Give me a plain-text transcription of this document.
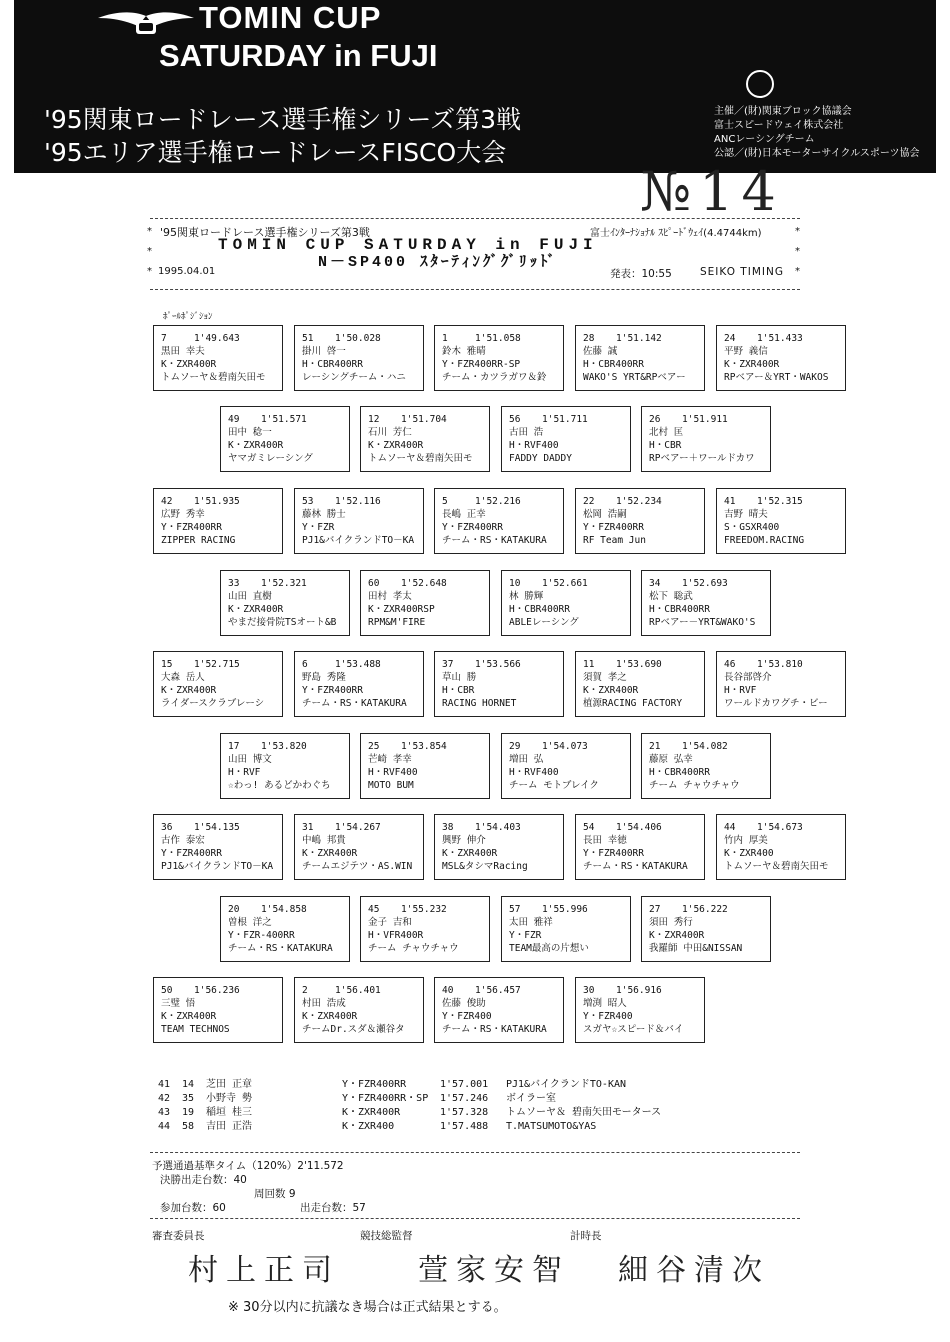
TOMIN CUP
SATURDAY in FUJI
'95関東ロードレース選手権シリーズ第3戦
'95エリア選手権ロードレースFISCO大会
主催／(財)関東ブロック協議会
富士スピードウェイ株式会社
ANCレーシングチーム
公認／(財)日本モーターサイクルスポーツ協会
№14
*
*
*
*
*
*
'95関東ロードレース選手権シリーズ第3戦	富士ｲﾝﾀｰﾅｼｮﾅﾙ ｽﾋﾟｰﾄﾞｳｪｲ(4.4744km)
TOMIN CUP SATURDAY in FUJI
N－SP400 ｽﾀｰﾃｨﾝｸﾞｸﾞﾘｯﾄﾞ
1995.04.01	発表：10:55	SEIKO TIMING
ﾎﾟｰﾙﾎﾟｼﾞｼｮﾝ
7	1'49.643
黒田 幸夫
K・ZXR400R
トムソーヤ＆碧南矢田モ
51	1'50.028
掛川 啓一
H・CBR400RR
レーシングチーム・ハニ
1	1'51.058
鈴木 雅晴
Y・FZR400RR-SP
チーム・カツラガワ＆鈴
28	1'51.142
佐藤 誠
H・CBR400RR
WAKO'S YRT&RPベアー
24	1'51.433
平野 義信
K・ZXR400R
RPベアー＆YRT・WAKOS
49	1'51.571
田中 稔一
K・ZXR400R
ヤマガミレーシング
12	1'51.704
石川 芳仁
K・ZXR400R
トムソーヤ＆碧南矢田モ
56	1'51.711
古田 浩
H・RVF400
FADDY DADDY
26	1'51.911
北村 匡
H・CBR
RPベアー＋ワールドカワ
42	1'51.935
広野 秀幸
Y・FZR400RR
ZIPPER RACING
53	1'52.116
藤林 勝士
Y・FZR
PJ1&バイクランドTO－KA
5	1'52.216
長嶋 正幸
Y・FZR400RR
チーム・RS・KATAKURA
22	1'52.234
松岡 浩嗣
Y・FZR400RR
RF Team Jun
41	1'52.315
吉野 晴夫
S・GSXR400
FREEDOM.RACING
33	1'52.321
山田 直樹
K・ZXR400R
やまだ接骨院TSオート&B
60	1'52.648
田村 孝太
K・ZXR400RSP
RPM&M'FIRE
10	1'52.661
林 勝輝
H・CBR400RR
ABLEレーシング
34	1'52.693
松下 聡武
H・CBR400RR
RPベアー－YRT&WAKO'S
15	1'52.715
大森 岳人
K・ZXR400R
ライダースクラブレーシ
6	1'53.488
野島 秀隆
Y・FZR400RR
チーム・RS・KATAKURA
37	1'53.566
草山 勝
H・CBR
RACING HORNET
11	1'53.690
須賀 孝之
K・ZXR400R
植源RACING FACTORY
46	1'53.810
長谷部啓介
H・RVF
ワールドカワグチ・ビー
17	1'53.820
山田 博文
H・RVF
☆わっ! あるどかわぐち
25	1'53.854
芒崎 孝幸
H・RVF400
MOTO BUM
29	1'54.073
増田 弘
H・RVF400
チーム モトブレイク
21	1'54.082
藤原 弘幸
H・CBR400RR
チーム チャウチャウ
36	1'54.135
古作 泰宏
Y・FZR400RR
PJ1&バイクランドTO－KA
31	1'54.267
中嶋 邦貴
K・ZXR400R
チームエジテツ・AS.WIN
38	1'54.403
興野 伸介
K・ZXR400R
MSL&タシマRacing
54	1'54.406
長田 幸徳
Y・FZR400RR
チーム・RS・KATAKURA
44	1'54.673
竹内 厚美
K・ZXR400
トムソーヤ＆碧南矢田モ
20	1'54.858
曽根 洋之
Y・FZR-400RR
チーム・RS・KATAKURA
45	1'55.232
金子 吉和
H・VFR400R
チーム チャウチャウ
57	1'55.996
太田 雅祥
Y・FZR
TEAM最高の片想い
27	1'56.222
須田 秀行
K・ZXR400R
我羅師 中田&NISSAN
50	1'56.236
三璧 悟
K・ZXR400R
TEAM TECHNOS
2	1'56.401
村田 浩成
K・ZXR400R
チームDr.スダ＆瀬谷タ
40	1'56.457
佐藤 俊助
Y・FZR400
チーム・RS・KATAKURA
30	1'56.916
増渕 昭人
Y・FZR400
スガヤ☆スピード＆バイ
41 14 芝田 正章	Y・FZR400RR	1'57.001 PJ1&バイクランドTO-KAN
42 35 小野寺 勢	Y・FZR400RR・SP 1'57.246 ボイラー室
43 19 稲垣 桂三	K・ZXR400R	1'57.328 トムソーヤ＆ 碧南矢田モータース
44 58 吉田 正浩	K・ZXR400	1'57.488 T.MATSUMOTO&YAS
予選通過基準タイム（120%）2'11.572
決勝出走台数：40
周回数 9
参加台数：60	出走台数：57
審査委員長	競技総監督	計時長
村上正司	萱家安智 細谷清次
※ 30分以内に抗議なき場合は正式結果とする。
